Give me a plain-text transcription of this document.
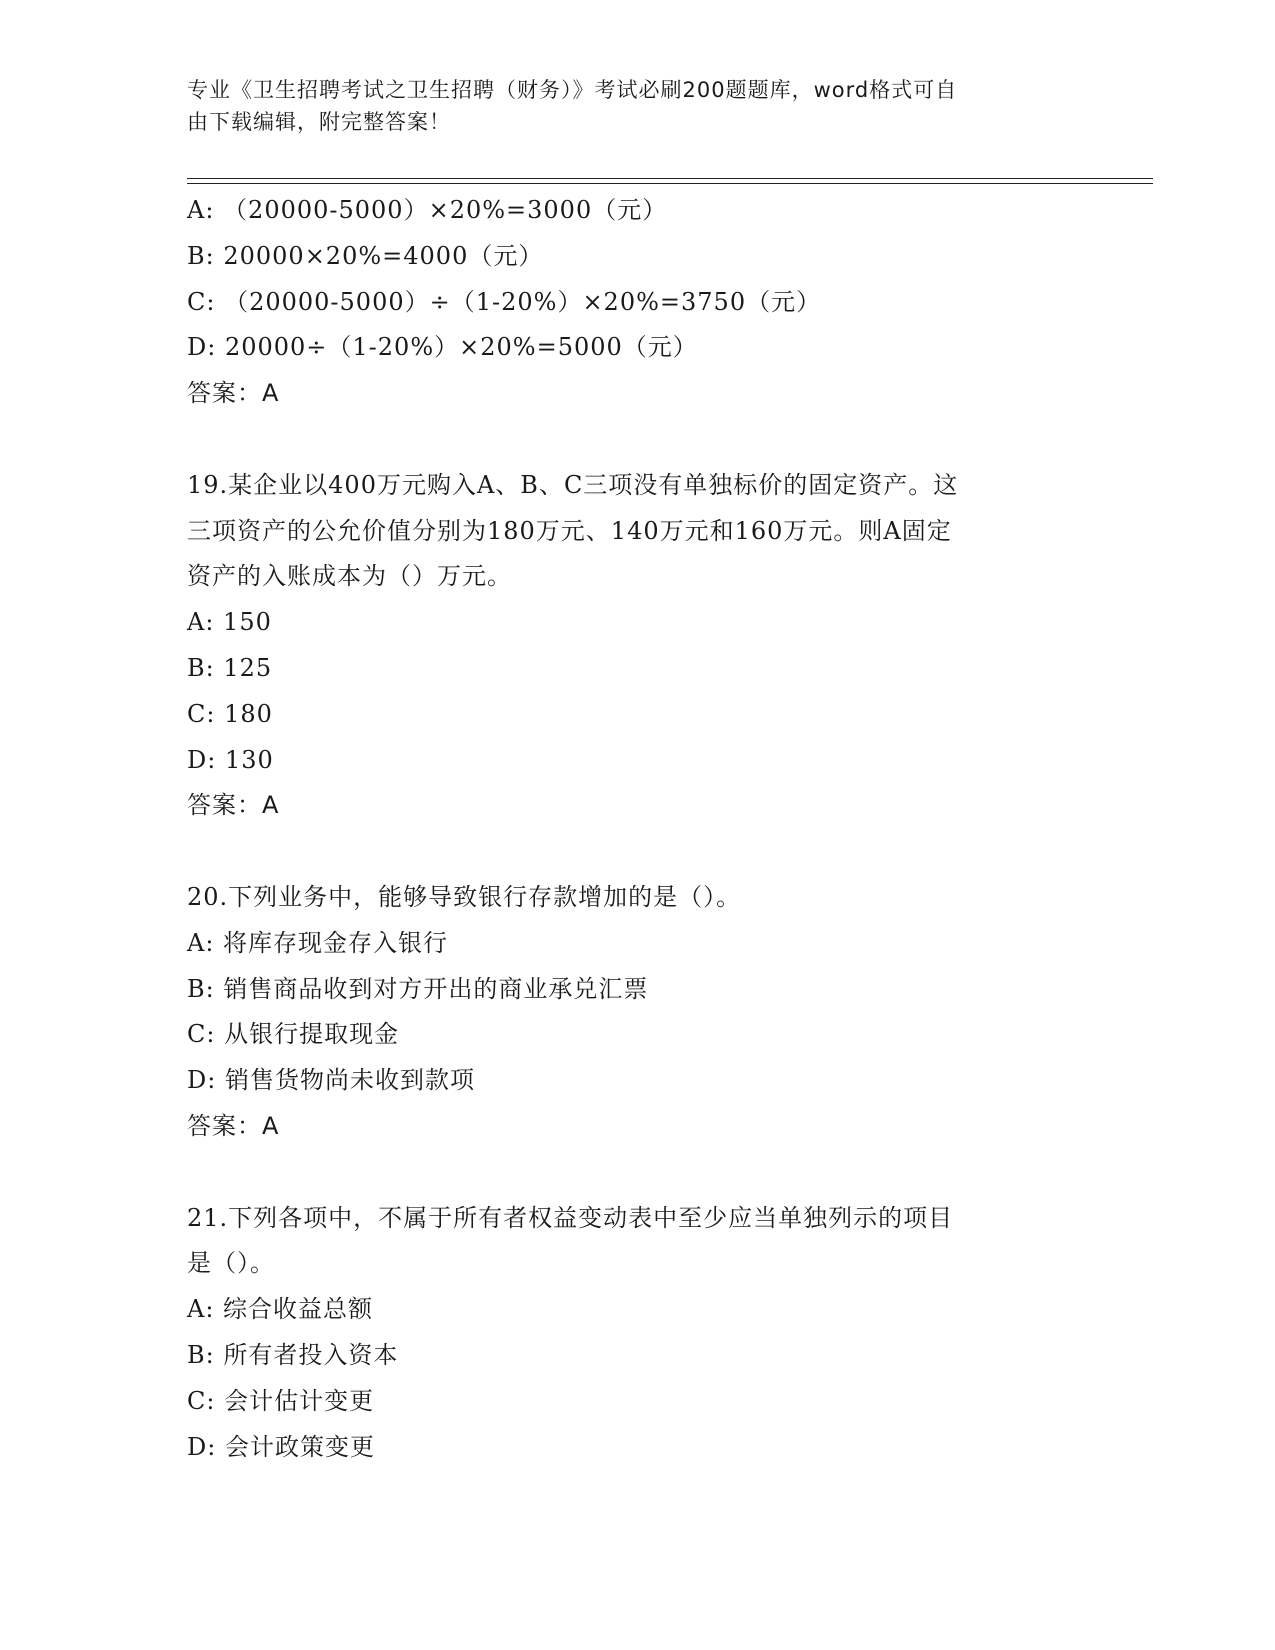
专业《卫生招聘考试之卫生招聘（财务）》考试必刷200题题库，word格式可自
由下载编辑，附完整答案！
A: （20000-5000）×20%=3000（元）
B: 20000×20%=4000（元）
C: （20000-5000）÷（1-20%）×20%=3750（元）
D: 20000÷（1-20%）×20%=5000（元）
答案：A
19.某企业以400万元购入A、B、C三项没有单独标价的固定资产。这
三项资产的公允价值分别为180万元、140万元和160万元。则A固定
资产的入账成本为（）万元。
A: 150
B: 125
C: 180
D: 130
答案：A
20.下列业务中，能够导致银行存款增加的是（）。
A: 将库存现金存入银行
B: 销售商品收到对方开出的商业承兑汇票
C: 从银行提取现金
D: 销售货物尚未收到款项
答案：A
21.下列各项中，不属于所有者权益变动表中至少应当单独列示的项目
是（）。
A: 综合收益总额
B: 所有者投入资本
C: 会计估计变更
D: 会计政策变更
